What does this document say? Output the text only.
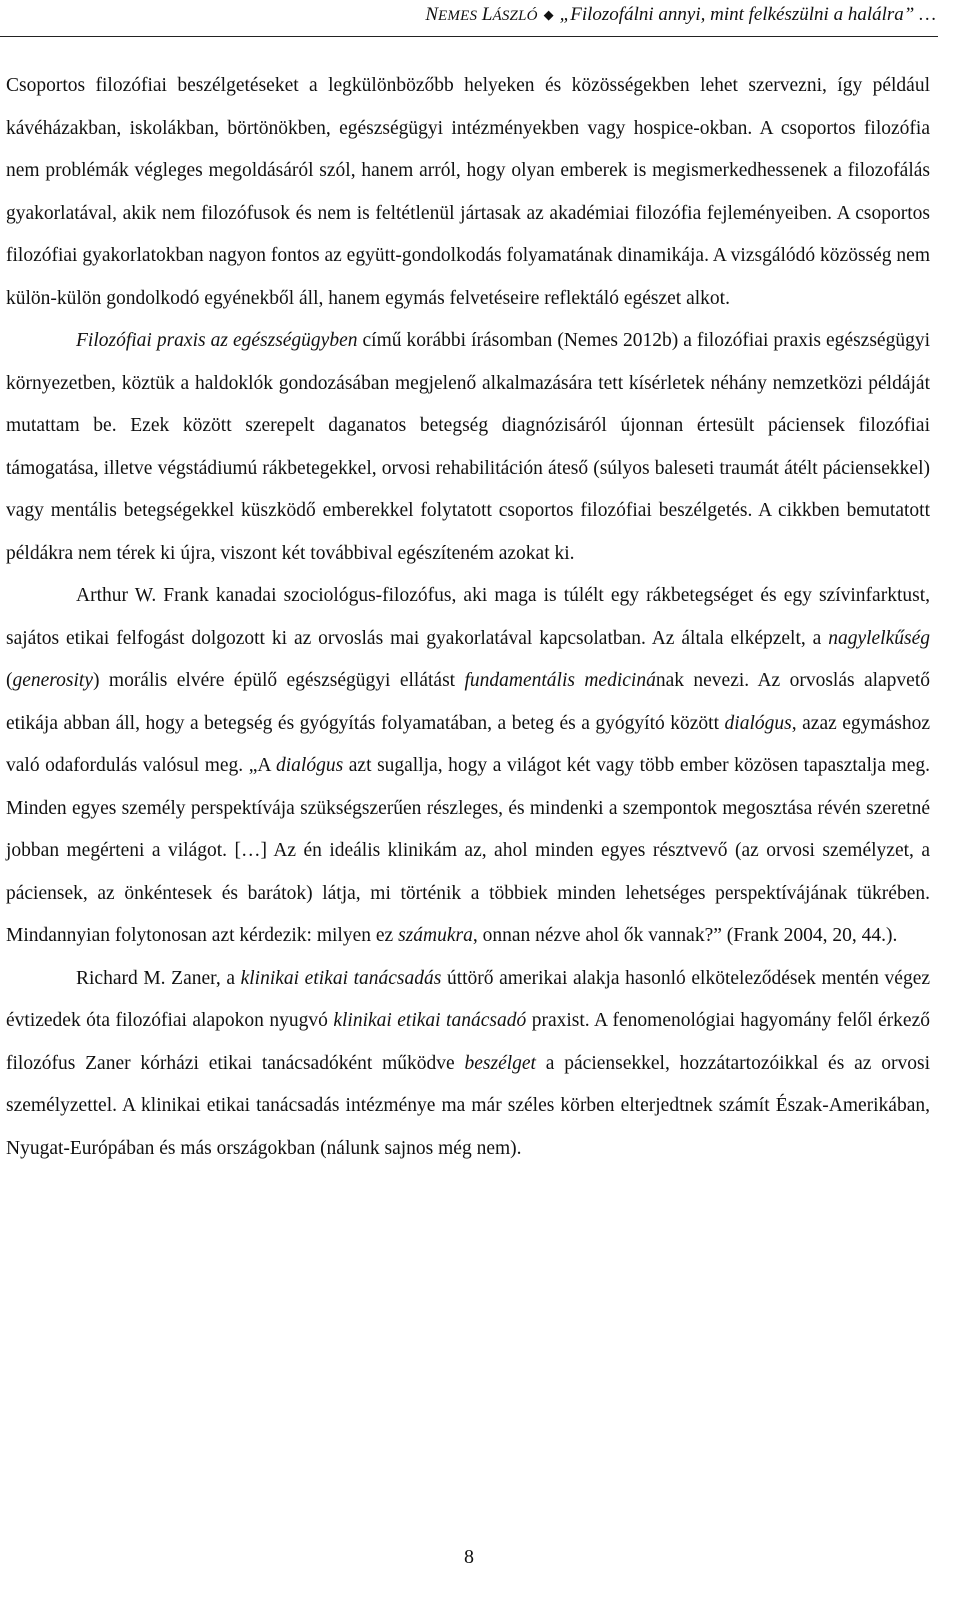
NEMES LÁSZLÓ ◆ „Filozofálni annyi, mint felkészülni a halálra” …

Csoportos filozófiai beszélgetéseket a legkülönbözőbb helyeken és közösségekben lehet szervezni, így például kávéházakban, iskolákban, börtönökben, egészségügyi intézményekben vagy hospice-okban. A csoportos filozófia nem problémák végleges megoldásáról szól, hanem arról, hogy olyan emberek is megismerkedhessenek a filozofálás gyakorlatával, akik nem filozófusok és nem is feltétlenül jártasak az akadémiai filozófia fejleményeiben. A csoportos filozófiai gyakorlatokban nagyon fontos az együtt-gondolkodás folyamatának dinamikája. A vizsgálódó közösség nem külön-külön gondolkodó egyénekből áll, hanem egymás felvetéseire reflektáló egészet alkot.

Filozófiai praxis az egészségügyben című korábbi írásomban (Nemes 2012b) a filozófiai praxis egészségügyi környezetben, köztük a haldoklók gondozásában megjelenő alkalmazására tett kísérletek néhány nemzetközi példáját mutattam be. Ezek között szerepelt daganatos betegség diagnózisáról újonnan értesült páciensek filozófiai támogatása, illetve végstádiumú rákbetegekkel, orvosi rehabilitáción áteső (súlyos baleseti traumát átélt páciensekkel) vagy mentális betegségekkel küszködő emberekkel folytatott csoportos filozófiai beszélgetés. A cikkben bemutatott példákra nem térek ki újra, viszont két továbbival egészíteném azokat ki.

Arthur W. Frank kanadai szociológus-filozófus, aki maga is túlélt egy rákbetegséget és egy szívinfarktust, sajátos etikai felfogást dolgozott ki az orvoslás mai gyakorlatával kapcsolatban. Az általa elképzelt, a nagylelkűség (generosity) morális elvére épülő egészségügyi ellátást fundamentális medicinának nevezi. Az orvoslás alapvető etikája abban áll, hogy a betegség és gyógyítás folyamatában, a beteg és a gyógyító között dialógus, azaz egymáshoz való odafordulás valósul meg. „A dialógus azt sugallja, hogy a világot két vagy több ember közösen tapasztalja meg. Minden egyes személy perspektívája szükségszerűen részleges, és mindenki a szempontok megosztása révén szeretné jobban megérteni a világot. […] Az én ideális klinikám az, ahol minden egyes résztvevő (az orvosi személyzet, a páciensek, az önkéntesek és barátok) látja, mi történik a többiek minden lehetséges perspektívájának tükrében. Mindannyian folytonosan azt kérdezik: milyen ez számukra, onnan nézve ahol ők vannak?” (Frank 2004, 20, 44.).

Richard M. Zaner, a klinikai etikai tanácsadás úttörő amerikai alakja hasonló elköteleződések mentén végez évtizedek óta filozófiai alapokon nyugvó klinikai etikai tanácsadó praxist. A fenomenológiai hagyomány felől érkező filozófus Zaner kórházi etikai tanácsadóként működve beszélget a páciensekkel, hozzátartozóikkal és az orvosi személyzettel. A klinikai etikai tanácsadás intézménye ma már széles körben elterjedtnek számít Észak-Amerikában, Nyugat-Európában és más országokban (nálunk sajnos még nem).

8
